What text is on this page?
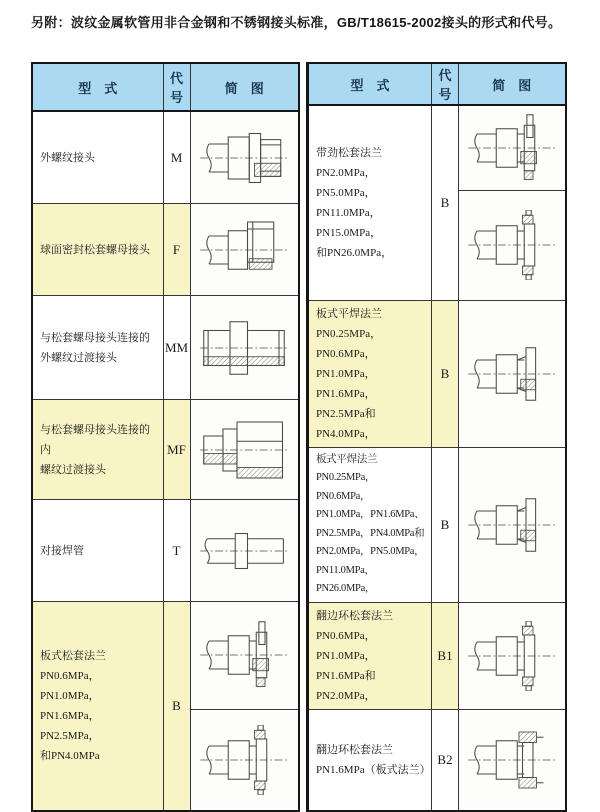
另附：波纹金属软管用非合金钢和不锈钢接头标准，GB/T18615-2002接头的形式和代号。
型　式	代号	简　图

外螺纹接头	M	

球面密封松套螺母接头	F	

与松套螺母接头连接的
外螺纹过渡接头	MM	

与松套螺母接头连接的内
螺纹过渡接头	MF	

对接焊管	T	

板式松套法兰
PN0.6MPa，PN1.0MPa，
PN1.6MPa，PN2.5MPa，
和PN4.0MPa	B	

型　式	代号	简　图

带劲松套法兰
PN2.0MPa，PN5.0MPa，
PN11.0MPa，PN15.0MPa，
和PN26.0MPa，	B	

板式平焊法兰
PN0.25MPa，PN0.6MPa，
PN1.0MPa，PN1.6MPa，
PN2.5MPa和PN4.0MPa，	B	

板式平焊法兰
PN0.25MPa，PN0.6MPa，
PN1.0MPa，PN1.6MPa、
PN2.5MPa，PN4.0MPa和
PN2.0MPa，PN5.0MPa，
PN11.0MPa，PN26.0MPa，
	B	

翻边环松套法兰
PN0.6MPa，PN1.0MPa，
PN1.6MPa和PN2.0MPa，	B1	

翻边环松套法兰
PN1.6MPa（板式法兰）	B2	
